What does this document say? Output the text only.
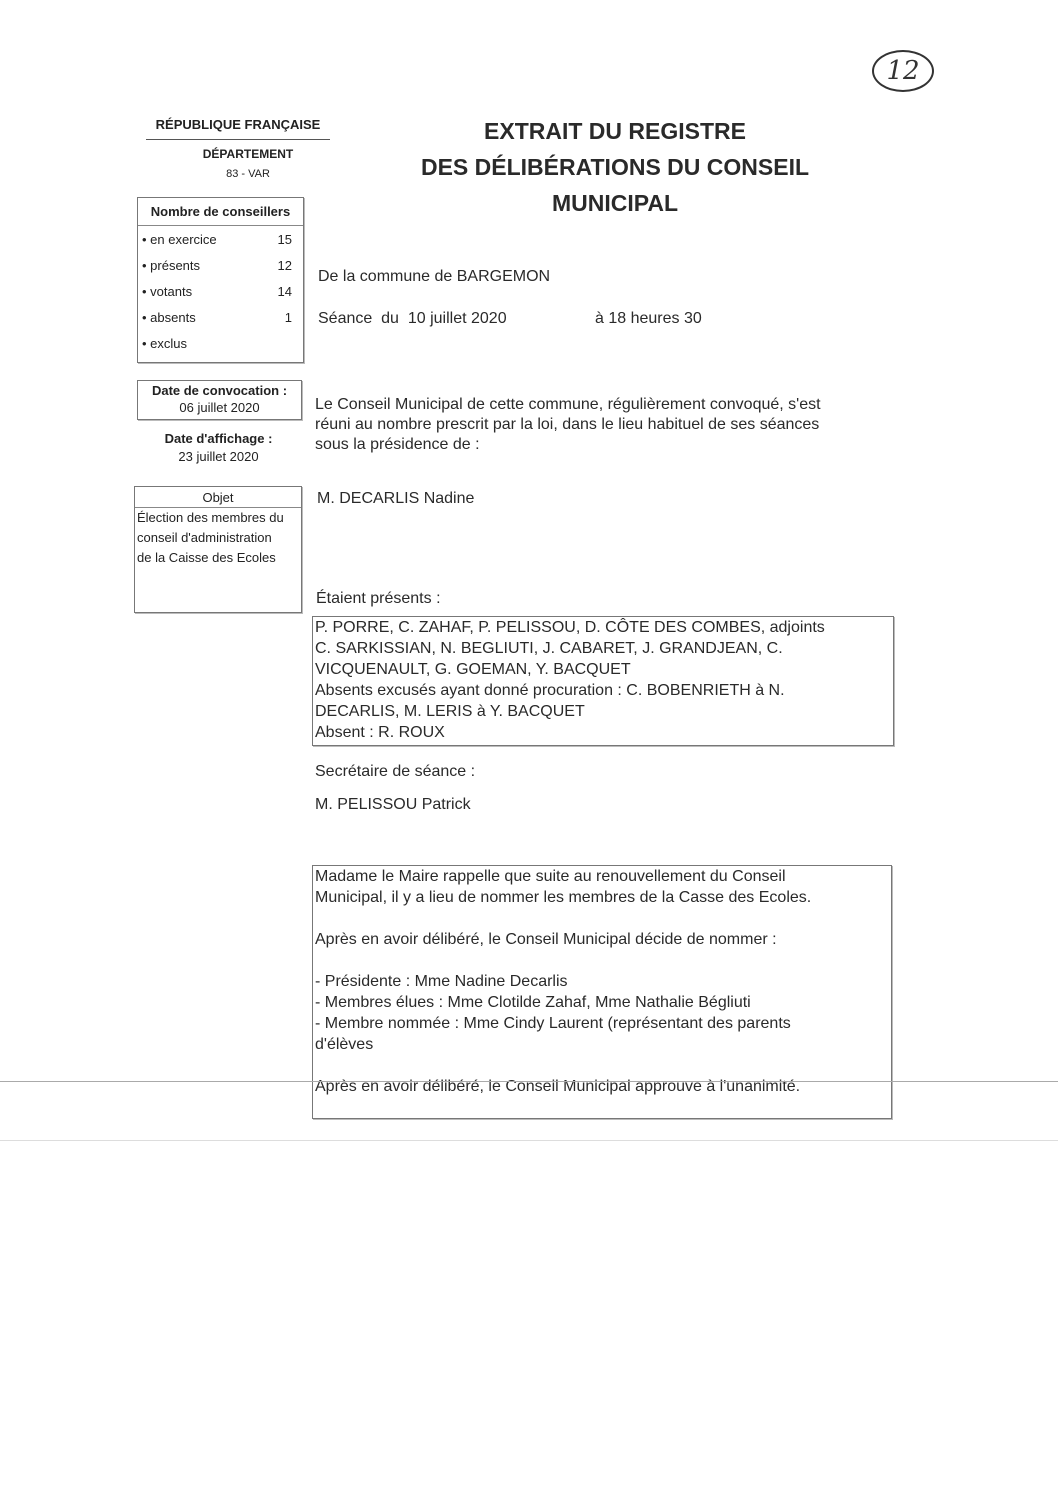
12
RÉPUBLIQUE FRANÇAISE
DÉPARTEMENT
83 - VAR
EXTRAIT DU REGISTRE
DES DÉLIBÉRATIONS DU CONSEIL
MUNICIPAL
Nombre de conseillers
• en exercice	15
• présents	12
• votants	14
• absents	1
• exclus
Date de convocation :
06 juillet 2020
Date d'affichage :
23 juillet 2020
Objet
Élection des membres du
conseil d'administration
de la Caisse des Ecoles
De la commune de BARGEMON
Séance  du  10 juillet 2020	à 18 heures 30
Le Conseil Municipal de cette commune, régulièrement convoqué, s'est
réuni au nombre prescrit par la loi, dans le lieu habituel de ses séances
sous la présidence de :
M. DECARLIS Nadine
Étaient présents :
P. PORRE, C. ZAHAF, P. PELISSOU, D. CÔTE DES COMBES, adjoints
C. SARKISSIAN, N. BEGLIUTI, J. CABARET, J. GRANDJEAN, C.
VICQUENAULT, G. GOEMAN, Y. BACQUET
Absents excusés ayant donné procuration : C. BOBENRIETH à N.
DECARLIS, M. LERIS à Y. BACQUET
Absent : R. ROUX
Secrétaire de séance :
M. PELISSOU Patrick
Madame le Maire rappelle que suite au renouvellement du Conseil
Municipal, il y a lieu de nommer les membres de la Casse des Ecoles.
Après en avoir délibéré, le Conseil Municipal décide de nommer :
- Présidente : Mme Nadine Decarlis
- Membres élues : Mme Clotilde Zahaf, Mme Nathalie Bégliuti
- Membre nommée : Mme Cindy Laurent (représentant des parents
d'élèves
Après en avoir délibéré, le Conseil Municipal approuve à l'unanimité.
